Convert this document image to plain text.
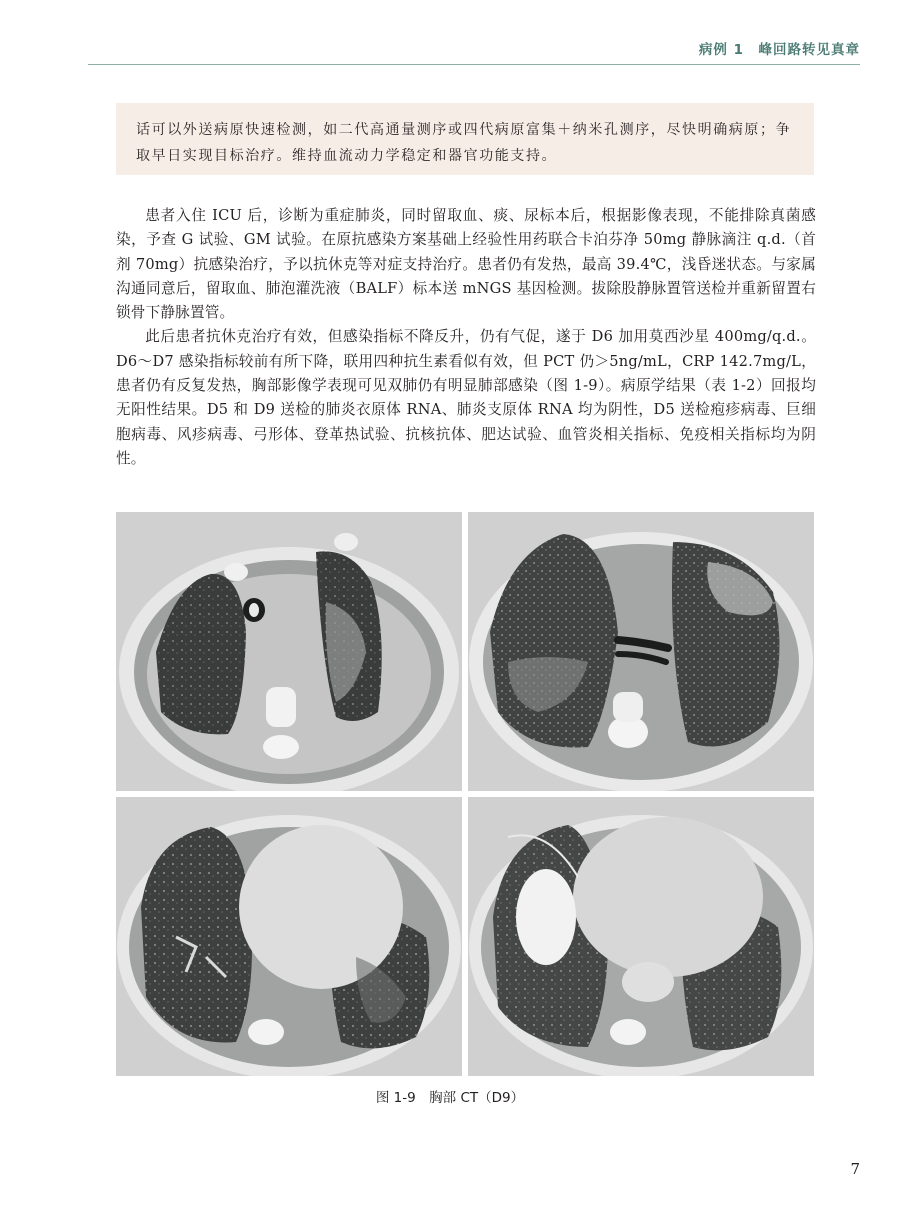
病例 1　峰回路转见真章

话可以外送病原快速检测，如二代高通量测序或四代病原富集＋纳米孔测序，尽快明确病原；争取早日实现目标治疗。维持血流动力学稳定和器官功能支持。

患者入住 ICU 后，诊断为重症肺炎，同时留取血、痰、尿标本后，根据影像表现，不能排除真菌感染，予查 G 试验、GM 试验。在原抗感染方案基础上经验性用药联合卡泊芬净 50mg 静脉滴注 q.d.（首剂 70mg）抗感染治疗，予以抗休克等对症支持治疗。患者仍有发热，最高 39.4℃，浅昏迷状态。与家属沟通同意后，留取血、肺泡灌洗液（BALF）标本送 mNGS 基因检测。拔除股静脉置管送检并重新留置右锁骨下静脉置管。

此后患者抗休克治疗有效，但感染指标不降反升，仍有气促，遂于 D6 加用莫西沙星 400mg/q.d.。D6～D7 感染指标较前有所下降，联用四种抗生素看似有效，但 PCT 仍＞5ng/mL，CRP 142.7mg/L，患者仍有反复发热，胸部影像学表现可见双肺仍有明显肺部感染（图 1-9）。病原学结果（表 1-2）回报均无阳性结果。D5 和 D9 送检的肺炎衣原体 RNA、肺炎支原体 RNA 均为阴性，D5 送检疱疹病毒、巨细胞病毒、风疹病毒、弓形体、登革热试验、抗核抗体、肥达试验、血管炎相关指标、免疫相关指标均为阴性。

图 1-9　胸部 CT（D9）
7
